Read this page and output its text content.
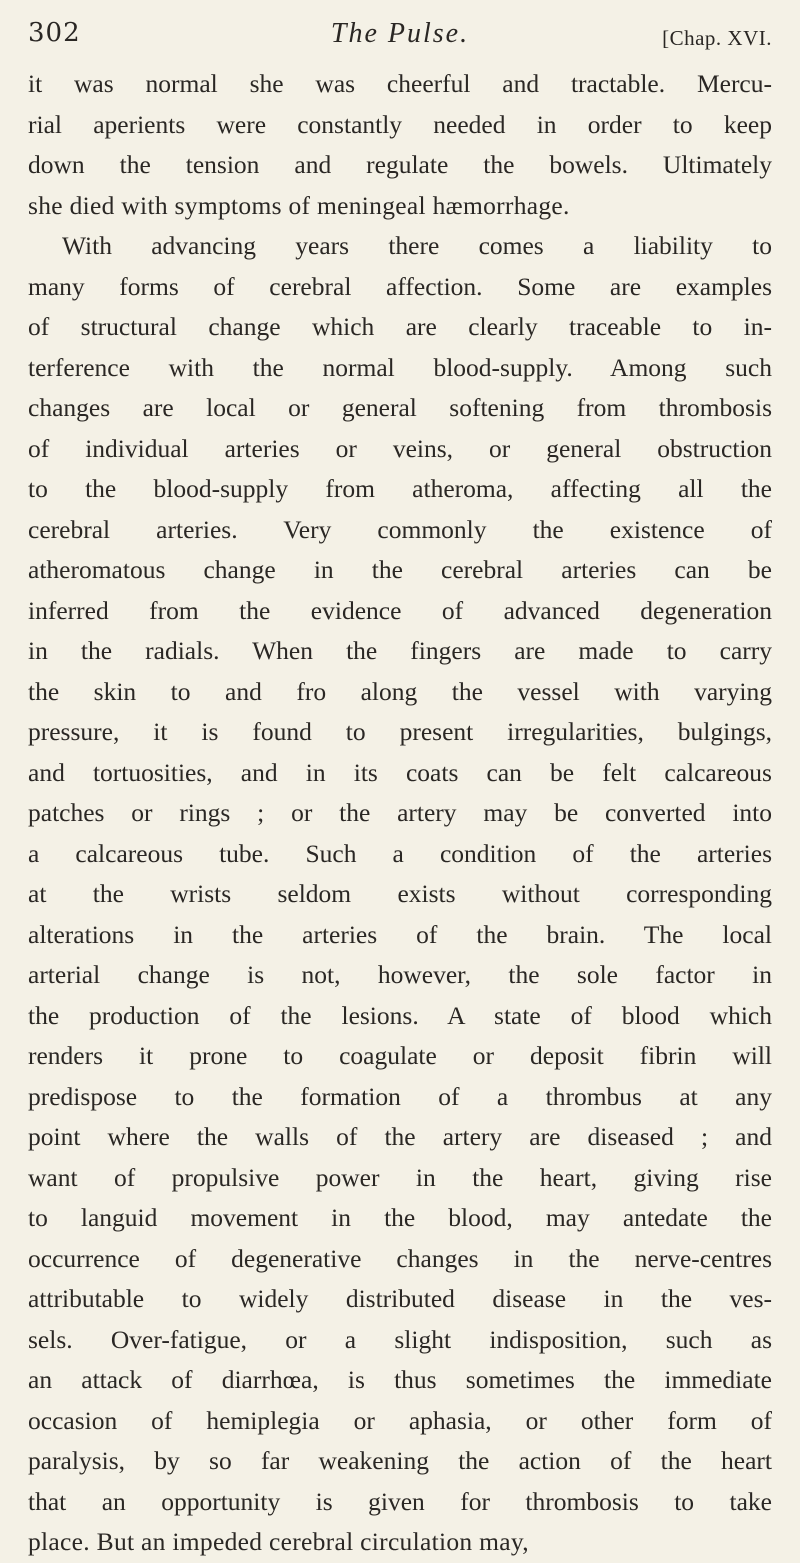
302	The Pulse.	[Chap. XVI.
it was normal she was cheerful and tractable. Mercu-
rial aperients were constantly needed in order to keep
down the tension and regulate the bowels. Ultimately
she died with symptoms of meningeal hæmorrhage.
With advancing years there comes a liability to
many forms of cerebral affection. Some are examples
of structural change which are clearly traceable to in-
terference with the normal blood-supply. Among such
changes are local or general softening from thrombosis
of individual arteries or veins, or general obstruction
to the blood-supply from atheroma, affecting all the
cerebral arteries. Very commonly the existence of
atheromatous change in the cerebral arteries can be
inferred from the evidence of advanced degeneration
in the radials. When the fingers are made to carry
the skin to and fro along the vessel with varying
pressure, it is found to present irregularities, bulgings,
and tortuosities, and in its coats can be felt calcareous
patches or rings ; or the artery may be converted into
a calcareous tube. Such a condition of the arteries
at the wrists seldom exists without corresponding
alterations in the arteries of the brain. The local
arterial change is not, however, the sole factor in
the production of the lesions. A state of blood which
renders it prone to coagulate or deposit fibrin will
predispose to the formation of a thrombus at any
point where the walls of the artery are diseased ; and
want of propulsive power in the heart, giving rise
to languid movement in the blood, may antedate the
occurrence of degenerative changes in the nerve-centres
attributable to widely distributed disease in the ves-
sels. Over-fatigue, or a slight indisposition, such as
an attack of diarrhœa, is thus sometimes the immediate
occasion of hemiplegia or aphasia, or other form of
paralysis, by so far weakening the action of the heart
that an opportunity is given for thrombosis to take
place. But an impeded cerebral circulation may,
